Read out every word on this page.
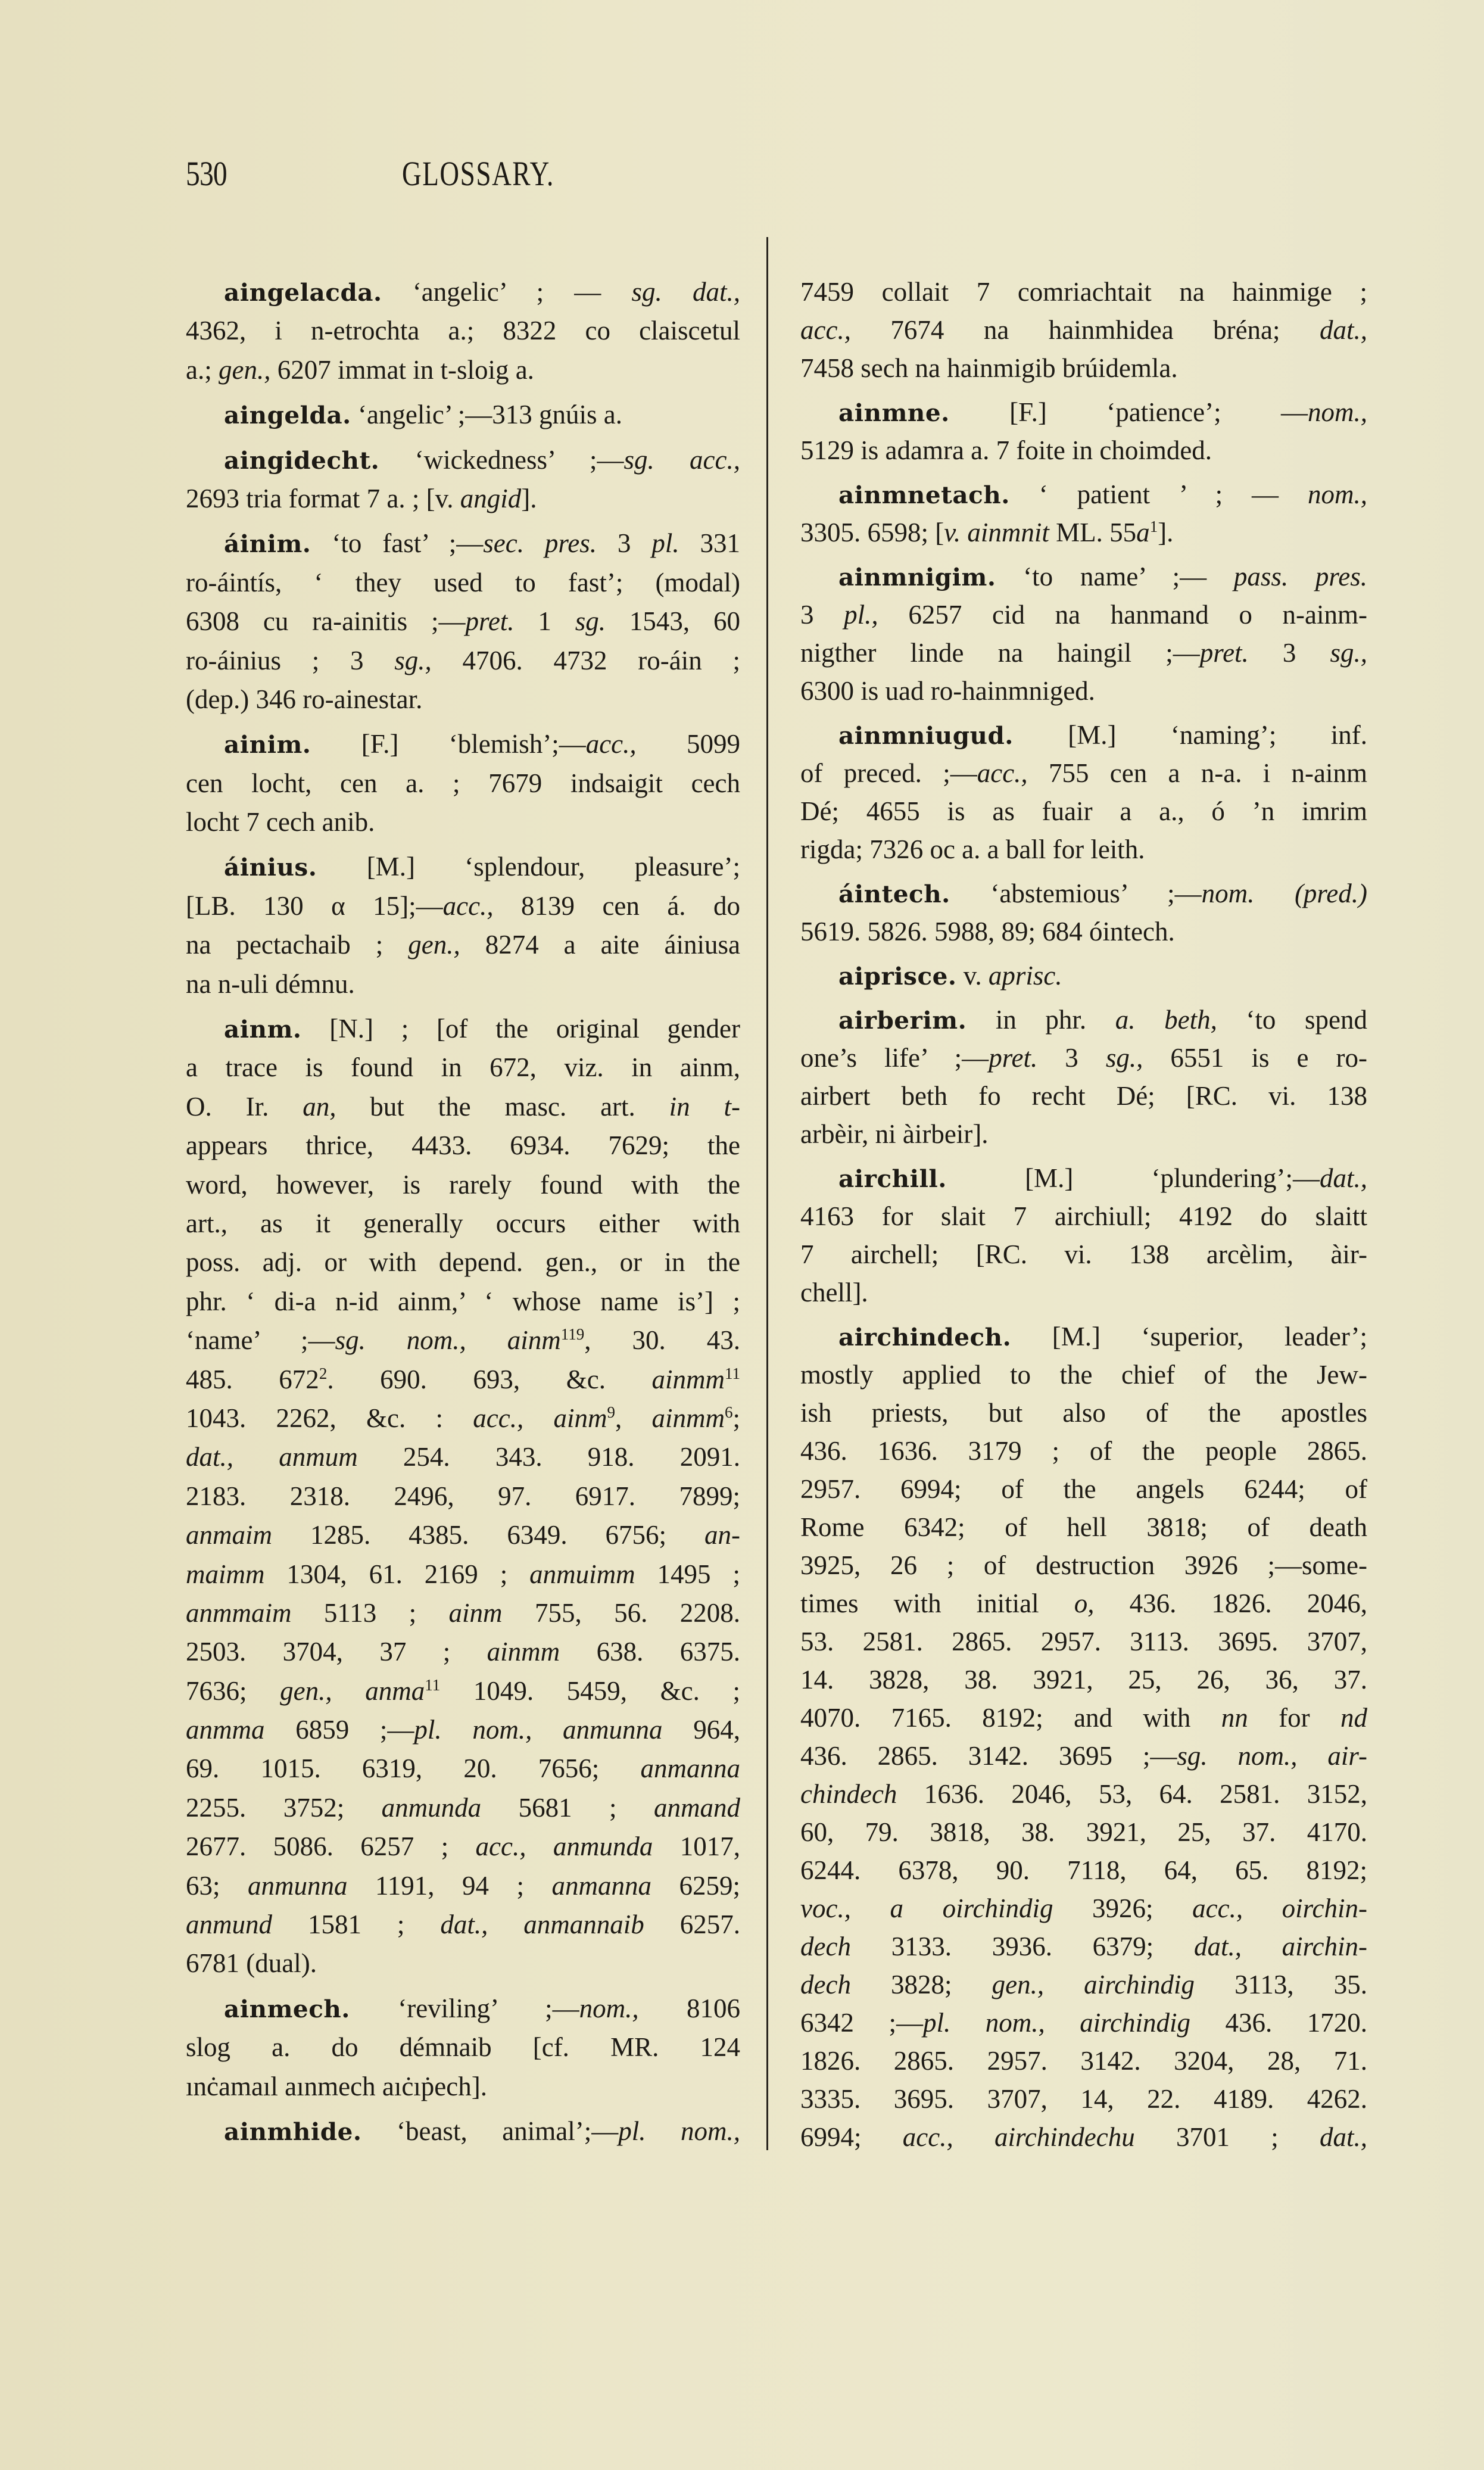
530	GLOSSARY.
aingelacda. ‘angelic’ ; — sg. dat.,
4362, i n-etrochta a.; 8322 co claiscetul
a.; gen., 6207 immat in t-sloig a.
aingelda. ‘angelic’ ;—313 gnúis a.
aingidecht. ‘wickedness’ ;—sg. acc.,
2693 tria format 7 a. ; [v. angid].
áinim. ‘to fast’ ;—sec. pres. 3 pl. 331
ro-áintís, ‘ they used to fast’; (modal)
6308 cu ra-ainitis ;—pret. 1 sg. 1543, 60
ro-áinius ; 3 sg., 4706. 4732 ro-áin ;
(dep.) 346 ro-ainestar.
ainim. [F.] ‘blemish’;—acc., 5099
cen locht, cen a. ; 7679 indsaigit cech
locht 7 cech anib.
áinius. [M.] ‘splendour, pleasure’;
[LB. 130 α 15];—acc., 8139 cen á. do
na pectachaib ; gen., 8274 a aite áiniusa
na n-uli démnu.
ainm. [N.] ; [of the original gender
a trace is found in 672, viz. in ainm,
O. Ir. an, but the masc. art. in t-
appears thrice, 4433. 6934. 7629; the
word, however, is rarely found with the
art., as it generally occurs either with
poss. adj. or with depend. gen., or in the
phr. ‘ di-a n-id ainm,’ ‘ whose name is’] ;
‘name’ ;—sg. nom., ainm$^{119}$, 30. 43.
485. $672^2$. 690. 693, &c. ainmm$^{11}$
1043. 2262, &c. : acc., ainm$^9$, ainmm$^6$;
dat., anmum 254. 343. 918. 2091.
2183. 2318. 2496, 97. 6917. 7899;
anmaim 1285. 4385. 6349. 6756; an-
maimm 1304, 61. 2169 ; anmuimm 1495 ;
anmmaim 5113 ; ainm 755, 56. 2208.
2503. 3704, 37 ; ainmm 638. 6375.
7636; gen., anma$^{11}$ 1049. 5459, &c. ;
anmma 6859 ;—pl. nom., anmunna 964,
69. 1015. 6319, 20. 7656; anmanna
2255. 3752; anmunda 5681 ; anmand
2677. 5086. 6257 ; acc., anmunda 1017,
63; anmunna 1191, 94 ; anmanna 6259;
anmund 1581 ; dat., anmannaib 6257.
6781 (dual).
ainmech. ‘reviling’ ;—nom., 8106
slog a. do démnaib [cf. MR. 124
ınċamaıl aınmech aıċıṗech].
ainmhide. ‘beast, animal’;—pl. nom.,
7459 collait 7 comriachtait na hainmige ;
acc., 7674 na hainmhidea bréna; dat.,
7458 sech na hainmigib brúidemla.
ainmne. [F.] ‘patience’; —nom.,
5129 is adamra a. 7 foite in choimded.
ainmnetach. ‘ patient ’ ; — nom.,
3305. 6598; [v. ainmnit ML. $55a^1$].
ainmnigim. ‘to name’ ;— pass. pres.
3 pl., 6257 cid na hanmand o n-ainm-
nigther linde na haingil ;—pret. 3 sg.,
6300 is uad ro-hainmniged.
ainmniugud. [M.] ‘naming’; inf.
of preced. ;—acc., 755 cen a n-a. i n-ainm
Dé; 4655 is as fuair a a., ó ’n imrim
rigda; 7326 oc a. a ball for leith.
áintech. ‘abstemious’ ;—nom. (pred.)
5619. 5826. 5988, 89; 684 óintech.
aiprisce. v. aprisc.
airberim. in phr. a. beth, ‘to spend
one’s life’ ;—pret. 3 sg., 6551 is e ro-
airbert beth fo recht Dé; [RC. vi. 138
arbèir, ni àirbeir].
airchill. [M.] ‘plundering’;—dat.,
4163 for slait 7 airchiull; 4192 do slaitt
7 airchell; [RC. vi. 138 arcèlim, àir-
chell].
airchindech. [M.] ‘superior, leader’;
mostly applied to the chief of the Jew-
ish priests, but also of the apostles
436. 1636. 3179 ; of the people 2865.
2957. 6994; of the angels 6244; of
Rome 6342; of hell 3818; of death
3925, 26 ; of destruction 3926 ;—some-
times with initial o, 436. 1826. 2046,
53. 2581. 2865. 2957. 3113. 3695. 3707,
14. 3828, 38. 3921, 25, 26, 36, 37.
4070. 7165. 8192; and with nn for nd
436. 2865. 3142. 3695 ;—sg. nom., air-
chindech 1636. 2046, 53, 64. 2581. 3152,
60, 79. 3818, 38. 3921, 25, 37. 4170.
6244. 6378, 90. 7118, 64, 65. 8192;
voc., a oirchindig 3926; acc., oirchin-
dech 3133. 3936. 6379; dat., airchin-
dech 3828; gen., airchindig 3113, 35.
6342 ;—pl. nom., airchindig 436. 1720.
1826. 2865. 2957. 3142. 3204, 28, 71.
3335. 3695. 3707, 14, 22. 4189. 4262.
6994; acc., airchindechu 3701 ; dat.,
